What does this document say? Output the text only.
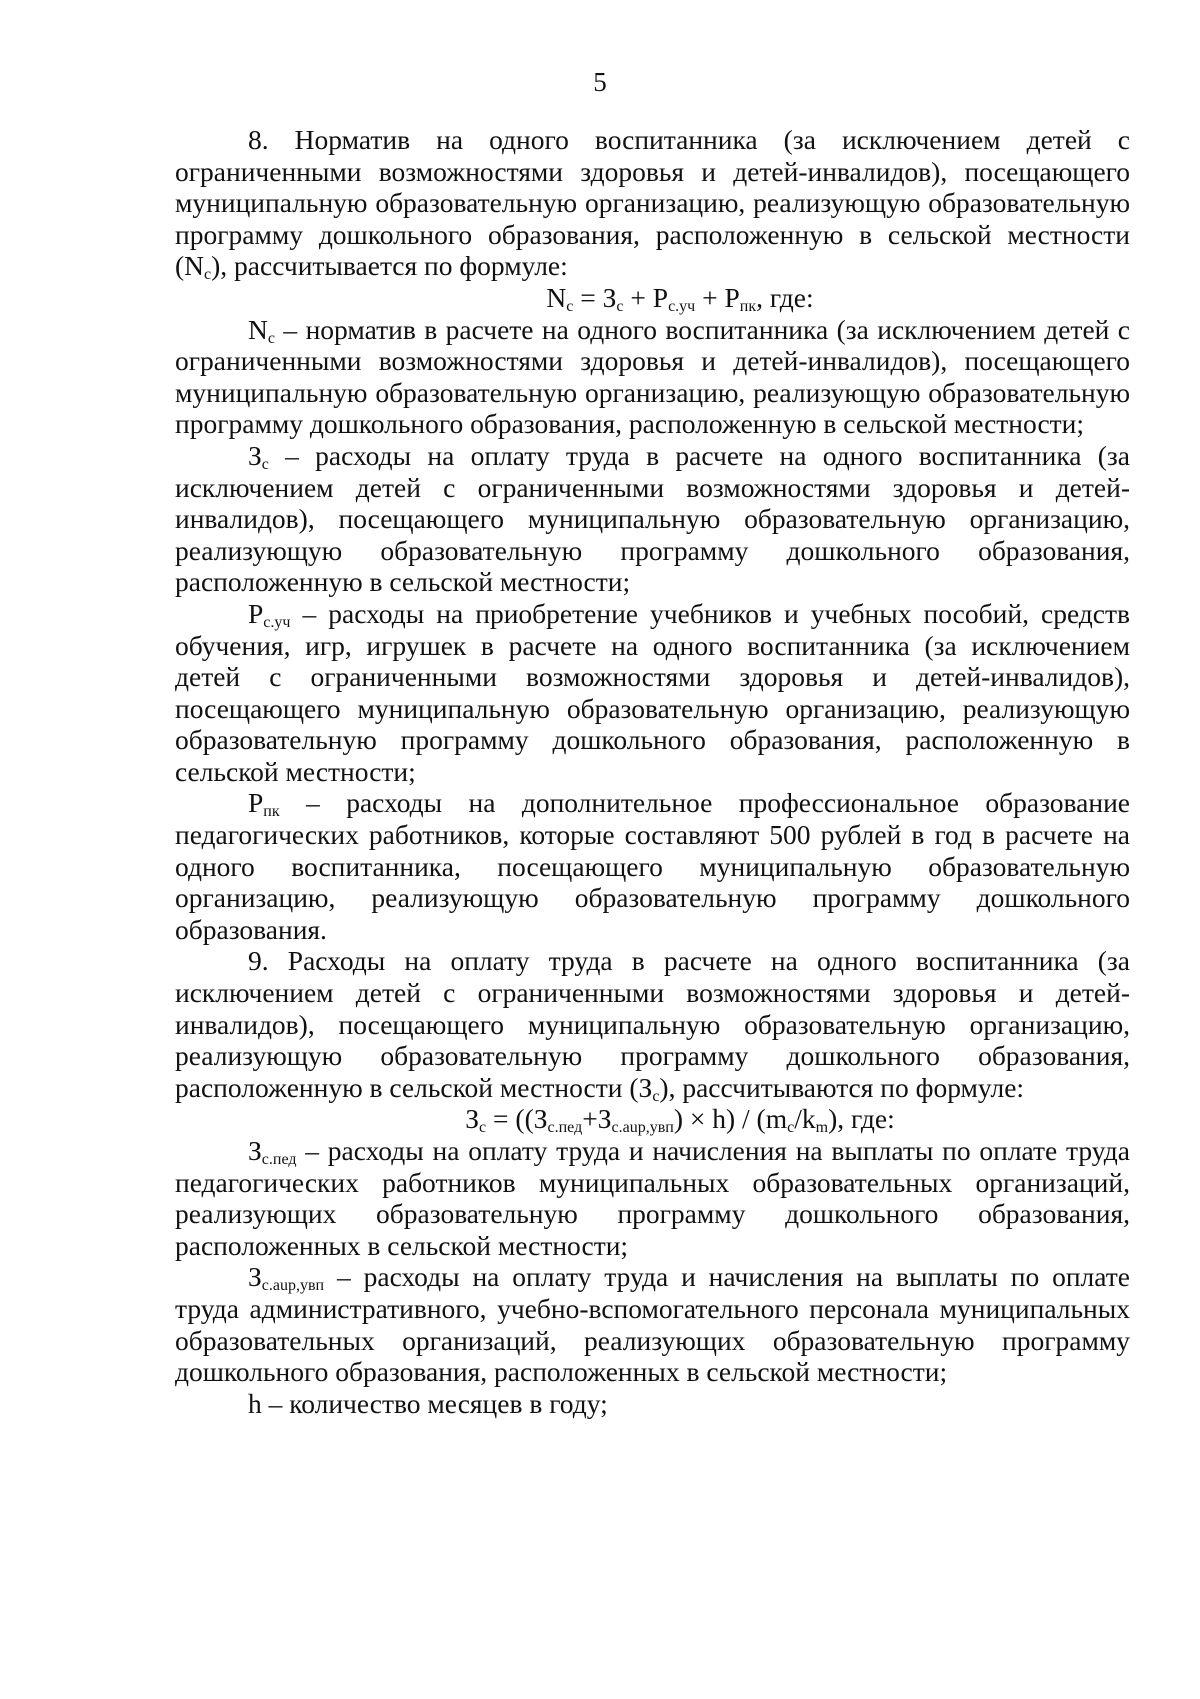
5

8. Норматив на одного воспитанника (за исключением детей с ограниченными возможностями здоровья и детей-инвалидов), посещающего муниципальную образовательную организацию, реализующую образовательную программу дошкольного образования, расположенную в сельской местности $(N_с)$, рассчитывается по формуле:

$N_с = З_с + Р_{с.уч} + Р_{пк}$, где:

$N_с$ – норматив в расчете на одного воспитанника (за исключением детей с ограниченными возможностями здоровья и детей-инвалидов), посещающего муниципальную образовательную организацию, реализующую образовательную программу дошкольного образования, расположенную в сельской местности;

$З_с$ – расходы на оплату труда в расчете на одного воспитанника (за исключением детей с ограниченными возможностями здоровья и детей-инвалидов), посещающего муниципальную образовательную организацию, реализующую образовательную программу дошкольного образования, расположенную в сельской местности;

$Р_{с.уч}$ – расходы на приобретение учебников и учебных пособий, средств обучения, игр, игрушек в расчете на одного воспитанника (за исключением детей с ограниченными возможностями здоровья и детей-инвалидов), посещающего муниципальную образовательную организацию, реализующую образовательную программу дошкольного образования, расположенную в сельской местности;

$Р_{пк}$ – расходы на дополнительное профессиональное образование педагогических работников, которые составляют 500 рублей в год в расчете на одного воспитанника, посещающего муниципальную образовательную организацию, реализующую образовательную программу дошкольного образования.

9. Расходы на оплату труда в расчете на одного воспитанника (за исключением детей с ограниченными возможностями здоровья и детей-инвалидов), посещающего муниципальную образовательную организацию, реализующую образовательную программу дошкольного образования, расположенную в сельской местности $(З_с)$, рассчитываются по формуле:

$З_с = ((З_{с.пед}+З_{с.аup,увп}) \times h) / (m_с/k_m)$, где:

$З_{с.пед}$ – расходы на оплату труда и начисления на выплаты по оплате труда педагогических работников муниципальных образовательных организаций, реализующих образовательную программу дошкольного образования, расположенных в сельской местности;

$З_{с.аup,увп}$ – расходы на оплату труда и начисления на выплаты по оплате труда административного, учебно-вспомогательного персонала муниципальных образовательных организаций, реализующих образовательную программу дошкольного образования, расположенных в сельской местности;

h – количество месяцев в году;
